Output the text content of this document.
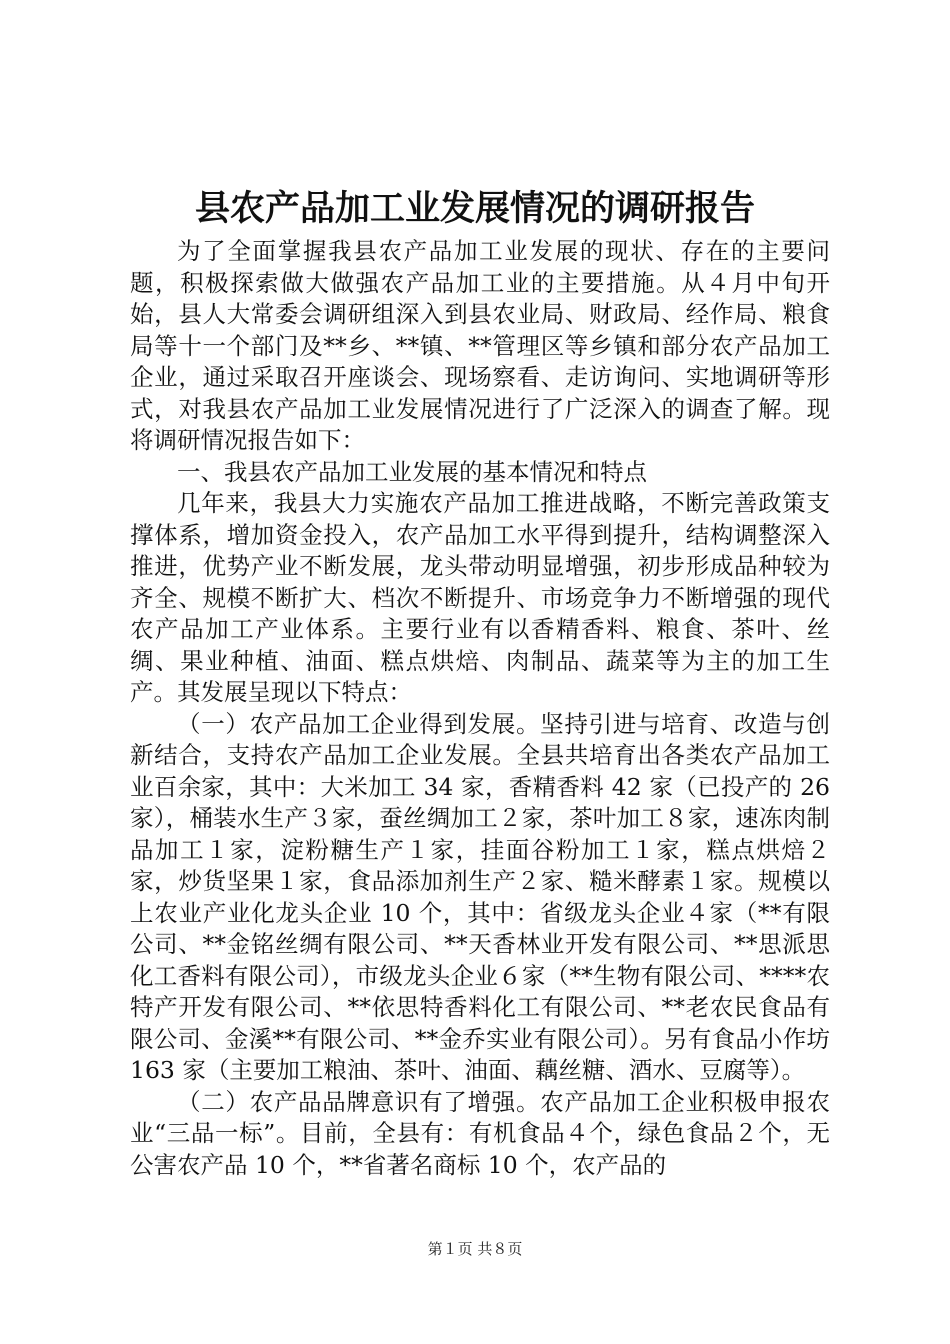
县农产品加工业发展情况的调研报告

为了全面掌握我县农产品加工业发展的现状、存在的主要问题，积极探索做大做强农产品加工业的主要措施。从４月中旬开始，县人大常委会调研组深入到县农业局、财政局、经作局、粮食局等十一个部门及**乡、**镇、**管理区等乡镇和部分农产品加工企业，通过采取召开座谈会、现场察看、走访询问、实地调研等形式，对我县农产品加工业发展情况进行了广泛深入的调查了解。现将调研情况报告如下：

一、我县农产品加工业发展的基本情况和特点

几年来，我县大力实施农产品加工推进战略，不断完善政策支撑体系，增加资金投入，农产品加工水平得到提升，结构调整深入推进，优势产业不断发展，龙头带动明显增强，初步形成品种较为齐全、规模不断扩大、档次不断提升、市场竞争力不断增强的现代农产品加工产业体系。主要行业有以香精香料、粮食、茶叶、丝绸、果业种植、油面、糕点烘焙、肉制品、蔬菜等为主的加工生产。其发展呈现以下特点：

（一）农产品加工企业得到发展。坚持引进与培育、改造与创新结合，支持农产品加工企业发展。全县共培育出各类农产品加工业百余家，其中：大米加工 34 家，香精香料 42 家（已投产的 26 家），桶装水生产３家，蚕丝绸加工２家，茶叶加工８家，速冻肉制品加工１家，淀粉糖生产１家，挂面谷粉加工１家，糕点烘焙２家，炒货坚果１家，食品添加剂生产２家、糙米酵素１家。规模以上农业产业化龙头企业 10 个，其中：省级龙头企业４家（**有限公司、**金铭丝绸有限公司、**天香林业开发有限公司、**思派思化工香料有限公司），市级龙头企业６家（**生物有限公司、****农特产开发有限公司、**依思特香料化工有限公司、**老农民食品有限公司、金溪**有限公司、**金乔实业有限公司）。另有食品小作坊 163 家（主要加工粮油、茶叶、油面、藕丝糖、酒水、豆腐等）。

（二）农产品品牌意识有了增强。农产品加工企业积极申报农业“三品一标”。目前，全县有：有机食品４个，绿色食品２个，无公害农产品 10 个，**省著名商标 10 个，农产品的

第１页 共８页
